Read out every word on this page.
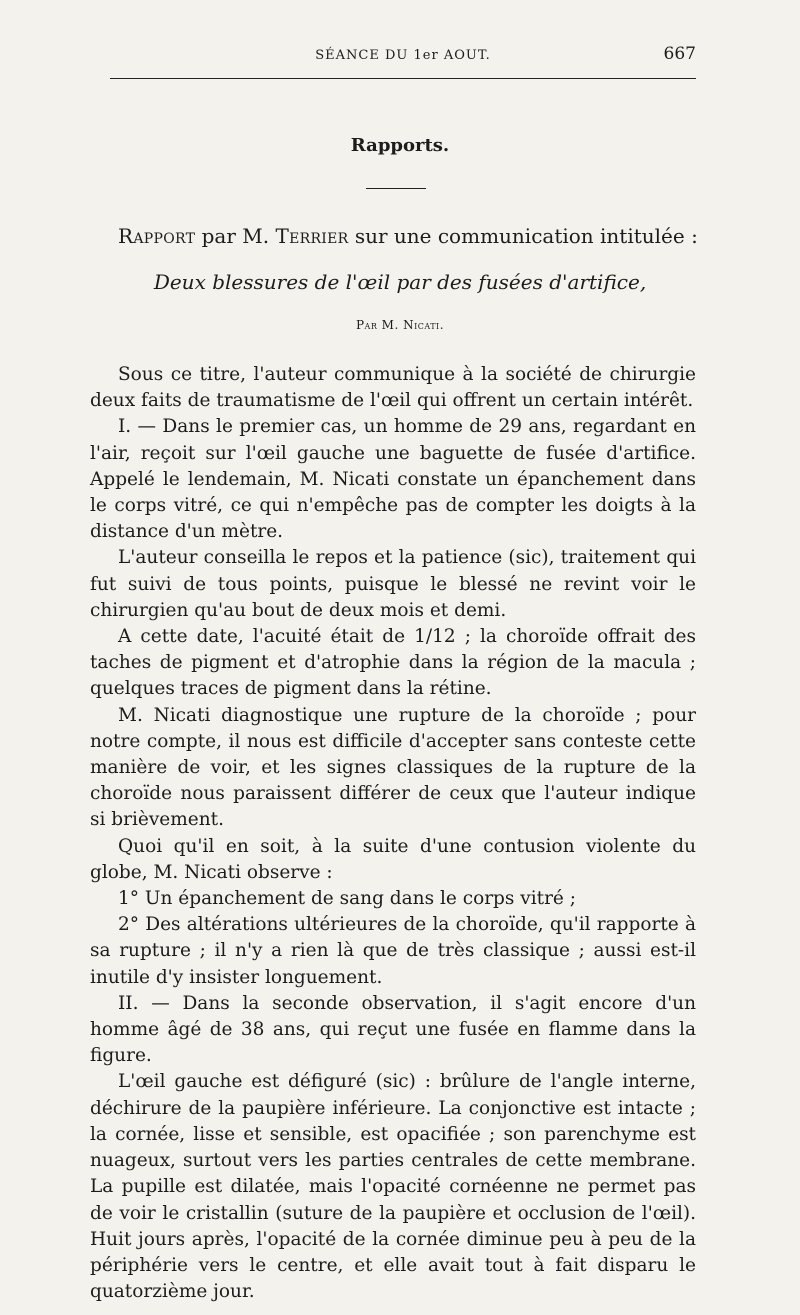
SÉANCE DU 1er AOUT.	667
Rapports.
Rapport par M. Terrier sur une communication intitulée :
Deux blessures de l'œil par des fusées d'artifice,
Par M. Nicati.

Sous ce titre, l'auteur communique à la société de chirurgie deux faits de traumatisme de l'œil qui offrent un certain intérêt.

I. — Dans le premier cas, un homme de 29 ans, regardant en l'air, reçoit sur l'œil gauche une baguette de fusée d'artifice. Appelé le lendemain, M. Nicati constate un épanchement dans le corps vitré, ce qui n'empêche pas de compter les doigts à la distance d'un mètre.

L'auteur conseilla le repos et la patience (sic), traitement qui fut suivi de tous points, puisque le blessé ne revint voir le chirurgien qu'au bout de deux mois et demi.

A cette date, l'acuité était de 1/12 ; la choroïde offrait des taches de pigment et d'atrophie dans la région de la macula ; quelques traces de pigment dans la rétine.

M. Nicati diagnostique une rupture de la choroïde ; pour notre compte, il nous est difficile d'accepter sans conteste cette manière de voir, et les signes classiques de la rupture de la choroïde nous paraissent différer de ceux que l'auteur indique si brièvement.

Quoi qu'il en soit, à la suite d'une contusion violente du globe, M. Nicati observe :

1° Un épanchement de sang dans le corps vitré ;

2° Des altérations ultérieures de la choroïde, qu'il rapporte à sa rupture ; il n'y a rien là que de très classique ; aussi est-il inutile d'y insister longuement.

II. — Dans la seconde observation, il s'agit encore d'un homme âgé de 38 ans, qui reçut une fusée en flamme dans la figure.

L'œil gauche est défiguré (sic) : brûlure de l'angle interne, déchirure de la paupière inférieure. La conjonctive est intacte ; la cornée, lisse et sensible, est opacifiée ; son parenchyme est nuageux, surtout vers les parties centrales de cette membrane. La pupille est dilatée, mais l'opacité cornéenne ne permet pas de voir le cristallin (suture de la paupière et occlusion de l'œil). Huit jours après, l'opacité de la cornée diminue peu à peu de la périphérie vers le centre, et elle avait tout à fait disparu le quatorzième jour.
